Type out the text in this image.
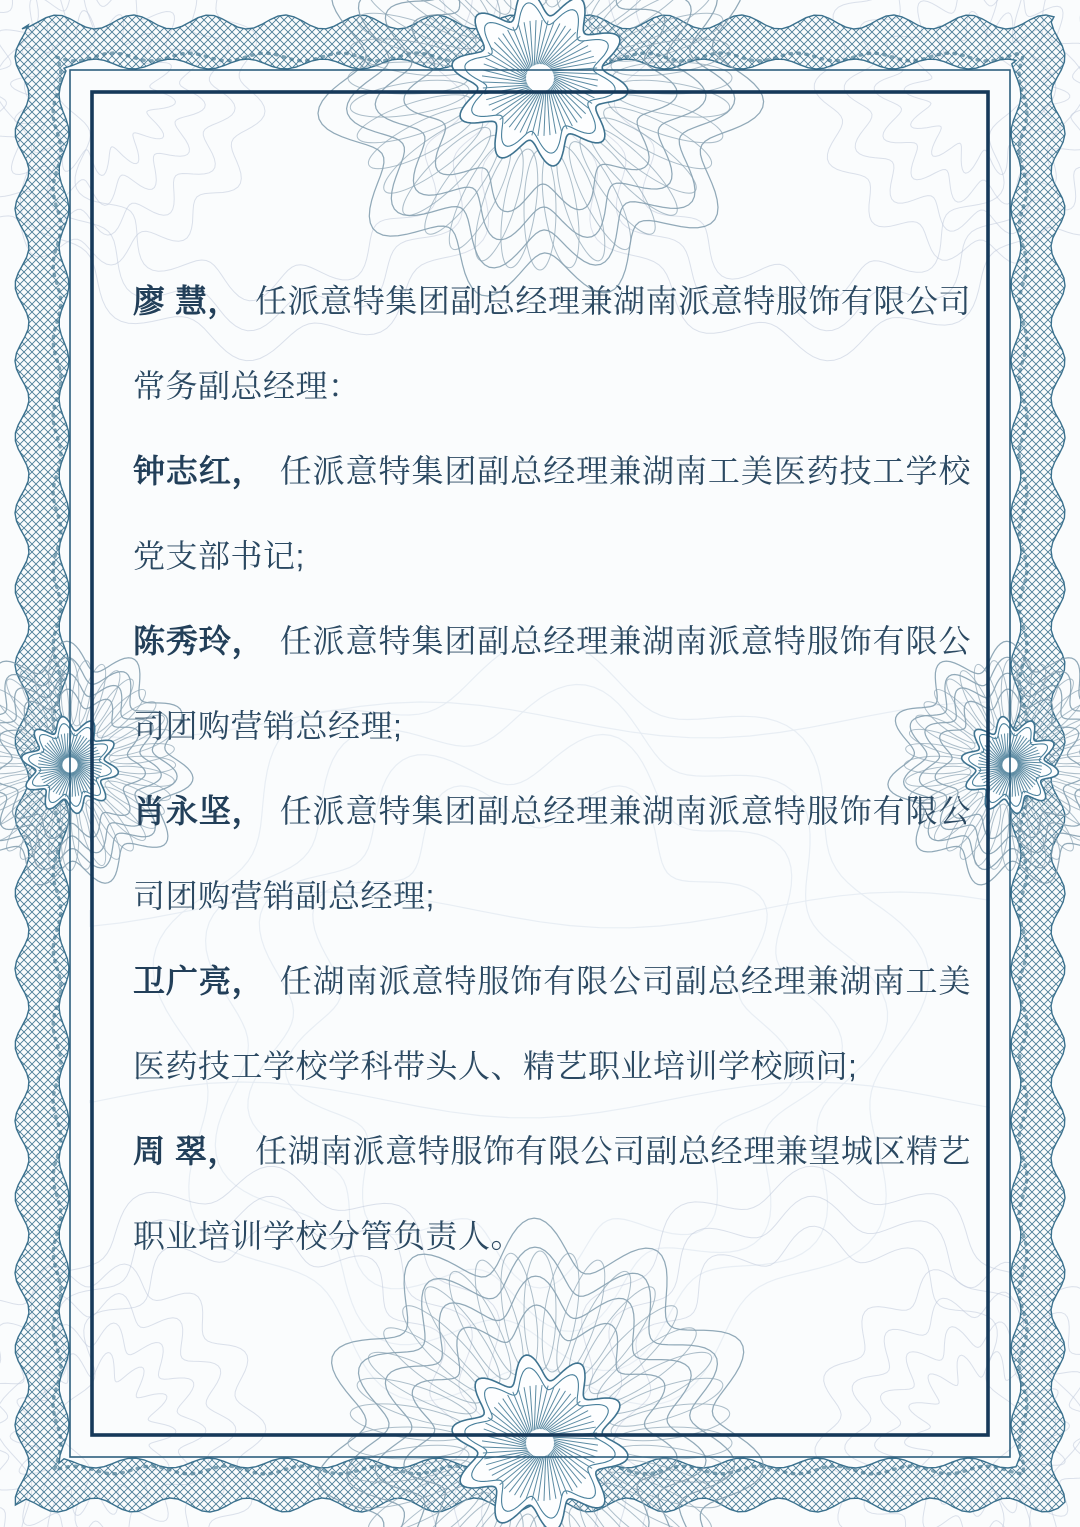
廖 慧， 任派意特集团副总经理兼湖南派意特服饰有限公司常务副总经理：

钟志红， 任派意特集团副总经理兼湖南工美医药技工学校党支部书记;

陈秀玲， 任派意特集团副总经理兼湖南派意特服饰有限公司团购营销总经理;

肖永坚， 任派意特集团副总经理兼湖南派意特服饰有限公司团购营销副总经理;

卫广亮， 任湖南派意特服饰有限公司副总经理兼湖南工美医药技工学校学科带头人、精艺职业培训学校顾问;

周 翠， 任湖南派意特服饰有限公司副总经理兼望城区精艺职业培训学校分管负责人。
